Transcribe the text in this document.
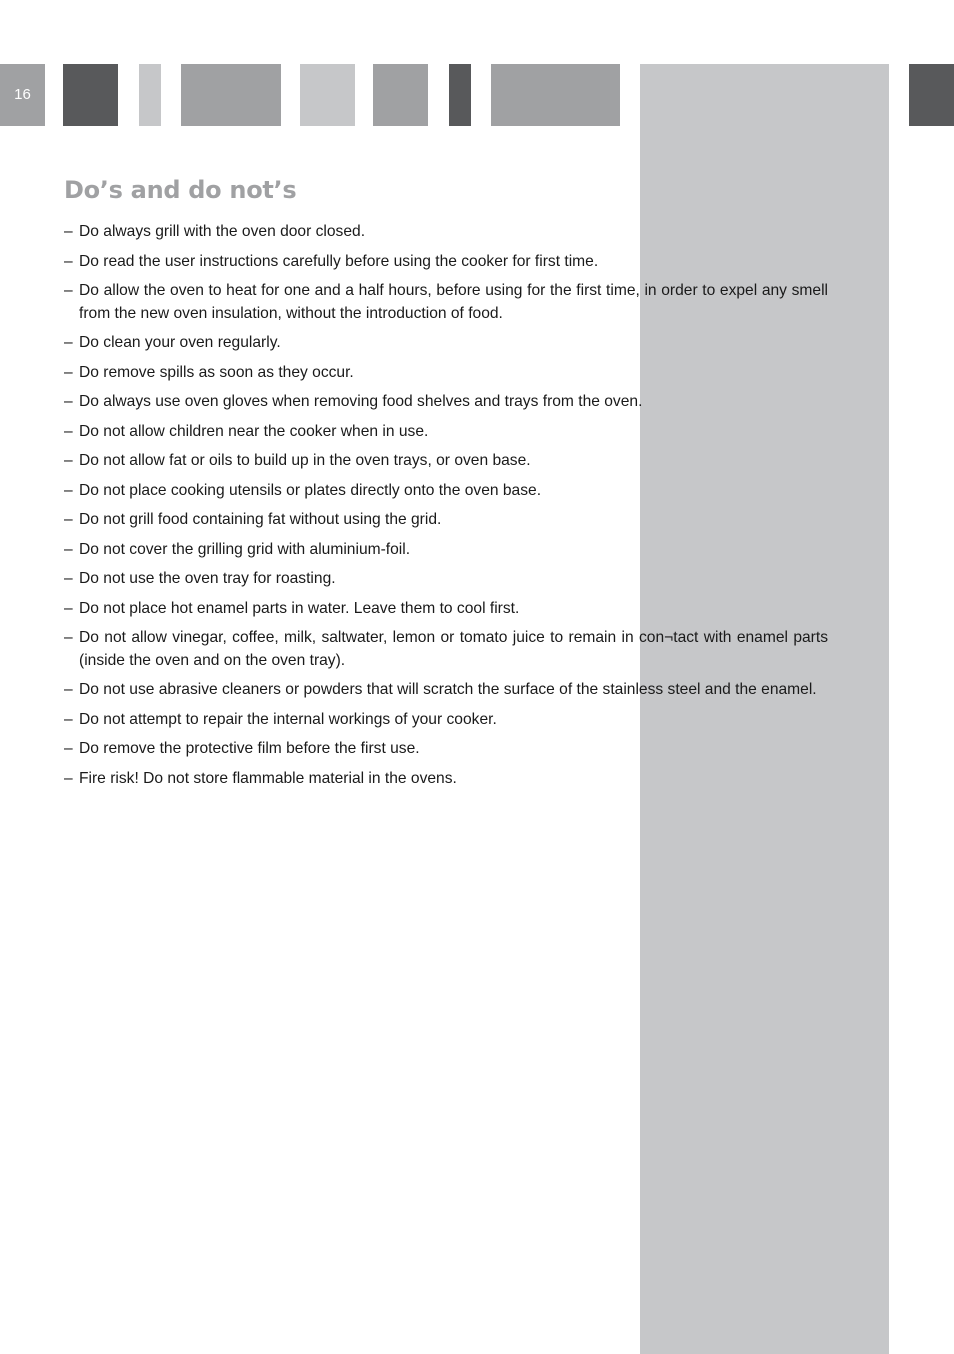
16
Do’s and do not’s
– Do always grill with the oven door closed.
– Do read the user instructions carefully before using the cooker for first time.
– Do allow the oven to heat for one and a half hours, before using for the first time, in order to expel any smell from the new oven insulation, without the introduction of food.
– Do clean your oven regularly.
– Do remove spills as soon as they occur.
– Do always use oven gloves when removing food shelves and trays from the oven.
– Do not allow children near the cooker when in use.
– Do not allow fat or oils to build up in the oven trays, or oven base.
– Do not place cooking utensils or plates directly onto the oven base.
– Do not grill food containing fat without using the grid.
– Do not cover the grilling grid with aluminium-foil.
– Do not use the oven tray for roasting.
– Do not place hot enamel parts in water. Leave them to cool first.
– Do not allow vinegar, coffee, milk, saltwater, lemon or tomato juice to remain in con¬tact with enamel parts (inside the oven and on the oven tray).
– Do not use abrasive cleaners or powders that will scratch the surface of the stainless steel and the enamel.
– Do not attempt to repair the internal workings of your cooker.
– Do remove the protective film before the first use.
– Fire risk! Do not store flammable material in the ovens.
